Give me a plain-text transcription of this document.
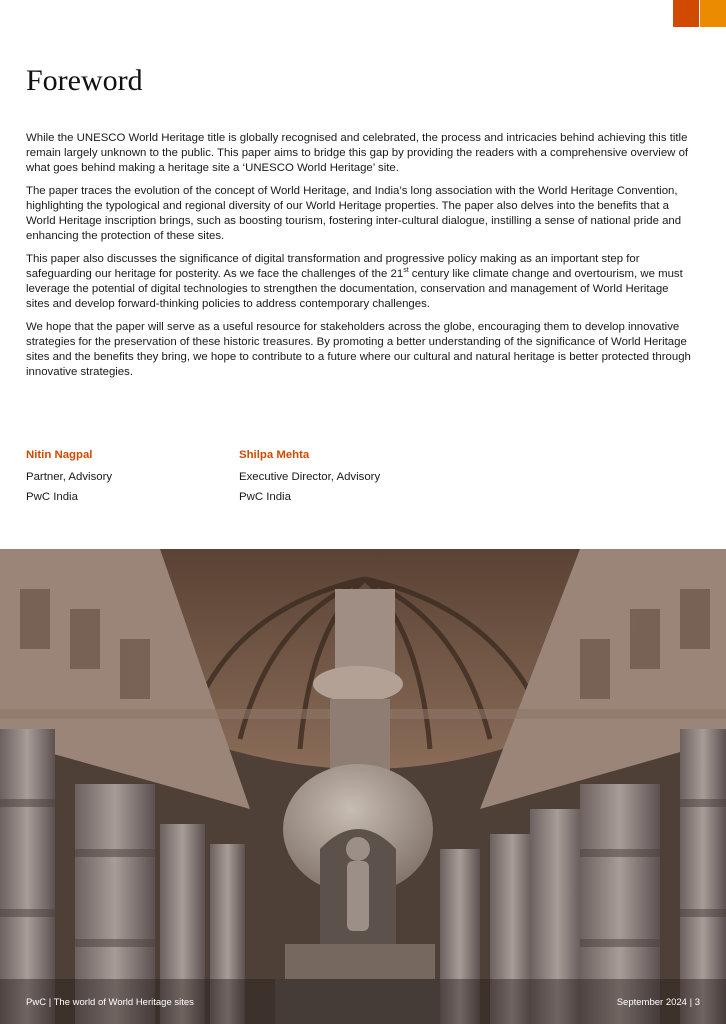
Foreword

While the UNESCO World Heritage title is globally recognised and celebrated, the process and intricacies behind achieving this title remain largely unknown to the public. This paper aims to bridge this gap by providing the readers with a comprehensive overview of what goes behind making a heritage site a ‘UNESCO World Heritage’ site.

The paper traces the evolution of the concept of World Heritage, and India’s long association with the World Heritage Convention, highlighting the typological and regional diversity of our World Heritage properties. The paper also delves into the benefits that a World Heritage inscription brings, such as boosting tourism, fostering inter-cultural dialogue, instilling a sense of national pride and enhancing the protection of these sites.

This paper also discusses the significance of digital transformation and progressive policy making as an important step for safeguarding our heritage for posterity. As we face the challenges of the 21st century like climate change and overtourism, we must leverage the potential of digital technologies to strengthen the documentation, conservation and management of World Heritage sites and develop forward-thinking policies to address contemporary challenges.

We hope that the paper will serve as a useful resource for stakeholders across the globe, encouraging them to develop innovative strategies for the preservation of these historic treasures. By promoting a better understanding of the significance of World Heritage sites and the benefits they bring, we hope to contribute to a future where our cultural and natural heritage is better protected through innovative strategies.

Nitin Nagpal

Partner, Advisory

PwC India

Shilpa Mehta

Executive Director, Advisory

PwC India

PwC | The world of World Heritage sites	September 2024 | 3
